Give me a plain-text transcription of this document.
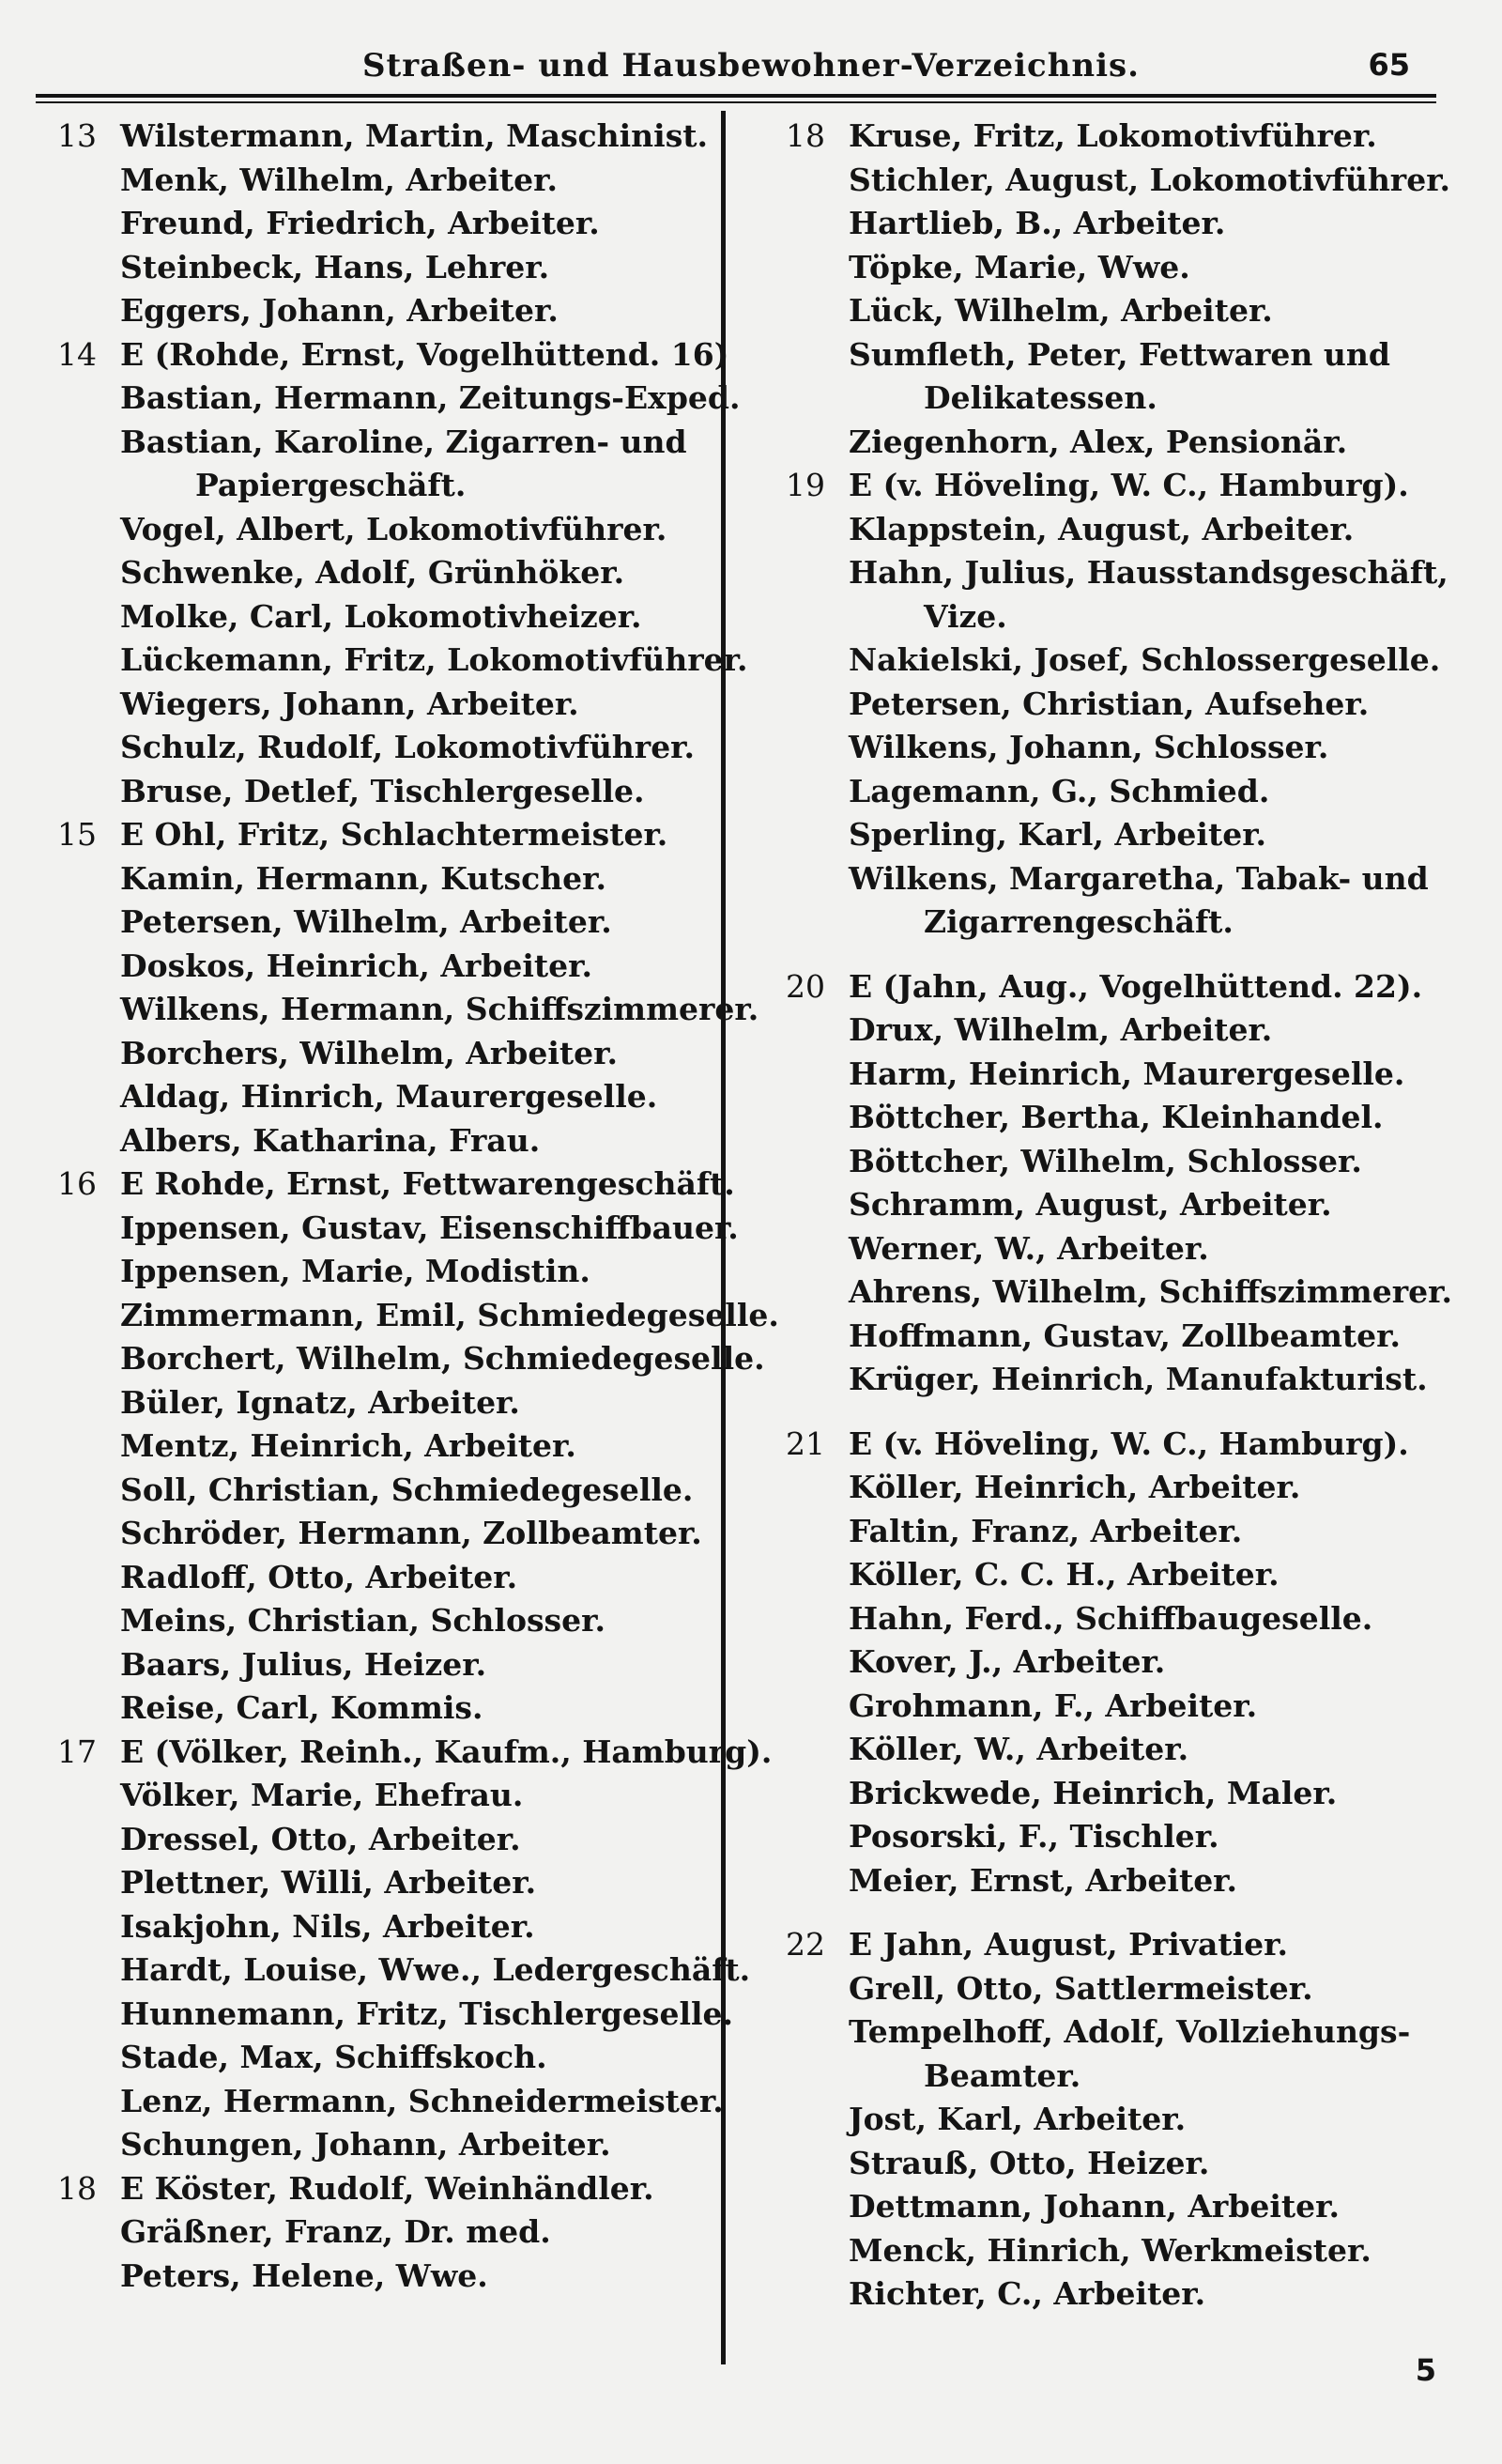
Straßen- und Hausbewohner-Verzeichnis.	65
13 Wilstermann, Martin, Maschinist.
Menk, Wilhelm, Arbeiter.
Freund, Friedrich, Arbeiter.
Steinbeck, Hans, Lehrer.
Eggers, Johann, Arbeiter.
14 E (Rohde, Ernst, Vogelhüttend. 16)
Bastian, Hermann, Zeitungs-Exped.
Bastian, Karoline, Zigarren- und
Papiergeschäft.
Vogel, Albert, Lokomotivführer.
Schwenke, Adolf, Grünhöker.
Molke, Carl, Lokomotivheizer.
Lückemann, Fritz, Lokomotivführer.
Wiegers, Johann, Arbeiter.
Schulz, Rudolf, Lokomotivführer.
Bruse, Detlef, Tischlergeselle.
15 E Ohl, Fritz, Schlachtermeister.
Kamin, Hermann, Kutscher.
Petersen, Wilhelm, Arbeiter.
Doskos, Heinrich, Arbeiter.
Wilkens, Hermann, Schiffszimmerer.
Borchers, Wilhelm, Arbeiter.
Aldag, Hinrich, Maurergeselle.
Albers, Katharina, Frau.
16 E Rohde, Ernst, Fettwarengeschäft.
Ippensen, Gustav, Eisenschiffbauer.
Ippensen, Marie, Modistin.
Zimmermann, Emil, Schmiedegeselle.
Borchert, Wilhelm, Schmiedegeselle.
Büler, Ignatz, Arbeiter.
Mentz, Heinrich, Arbeiter.
Soll, Christian, Schmiedegeselle.
Schröder, Hermann, Zollbeamter.
Radloff, Otto, Arbeiter.
Meins, Christian, Schlosser.
Baars, Julius, Heizer.
Reise, Carl, Kommis.
17 E (Völker, Reinh., Kaufm., Hamburg).
Völker, Marie, Ehefrau.
Dressel, Otto, Arbeiter.
Plettner, Willi, Arbeiter.
Isakjohn, Nils, Arbeiter.
Hardt, Louise, Wwe., Ledergeschäft.
Hunnemann, Fritz, Tischlergeselle.
Stade, Max, Schiffskoch.
Lenz, Hermann, Schneidermeister.
Schungen, Johann, Arbeiter.
18 E Köster, Rudolf, Weinhändler.
Gräßner, Franz, Dr. med.
Peters, Helene, Wwe.
18 Kruse, Fritz, Lokomotivführer.
Stichler, August, Lokomotivführer.
Hartlieb, B., Arbeiter.
Töpke, Marie, Wwe.
Lück, Wilhelm, Arbeiter.
Sumfleth, Peter, Fettwaren und
Delikatessen.
Ziegenhorn, Alex, Pensionär.
19 E (v. Höveling, W. C., Hamburg).
Klappstein, August, Arbeiter.
Hahn, Julius, Hausstandsgeschäft,
Vize.
Nakielski, Josef, Schlossergeselle.
Petersen, Christian, Aufseher.
Wilkens, Johann, Schlosser.
Lagemann, G., Schmied.
Sperling, Karl, Arbeiter.
Wilkens, Margaretha, Tabak- und
Zigarrengeschäft.
20 E (Jahn, Aug., Vogelhüttend. 22).
Drux, Wilhelm, Arbeiter.
Harm, Heinrich, Maurergeselle.
Böttcher, Bertha, Kleinhandel.
Böttcher, Wilhelm, Schlosser.
Schramm, August, Arbeiter.
Werner, W., Arbeiter.
Ahrens, Wilhelm, Schiffszimmerer.
Hoffmann, Gustav, Zollbeamter.
Krüger, Heinrich, Manufakturist.
21 E (v. Höveling, W. C., Hamburg).
Köller, Heinrich, Arbeiter.
Faltin, Franz, Arbeiter.
Köller, C. C. H., Arbeiter.
Hahn, Ferd., Schiffbaugeselle.
Kover, J., Arbeiter.
Grohmann, F., Arbeiter.
Köller, W., Arbeiter.
Brickwede, Heinrich, Maler.
Posorski, F., Tischler.
Meier, Ernst, Arbeiter.
22 E Jahn, August, Privatier.
Grell, Otto, Sattlermeister.
Tempelhoff, Adolf, Vollziehungs-
Beamter.
Jost, Karl, Arbeiter.
Strauß, Otto, Heizer.
Dettmann, Johann, Arbeiter.
Menck, Hinrich, Werkmeister.
Richter, C., Arbeiter.
5
